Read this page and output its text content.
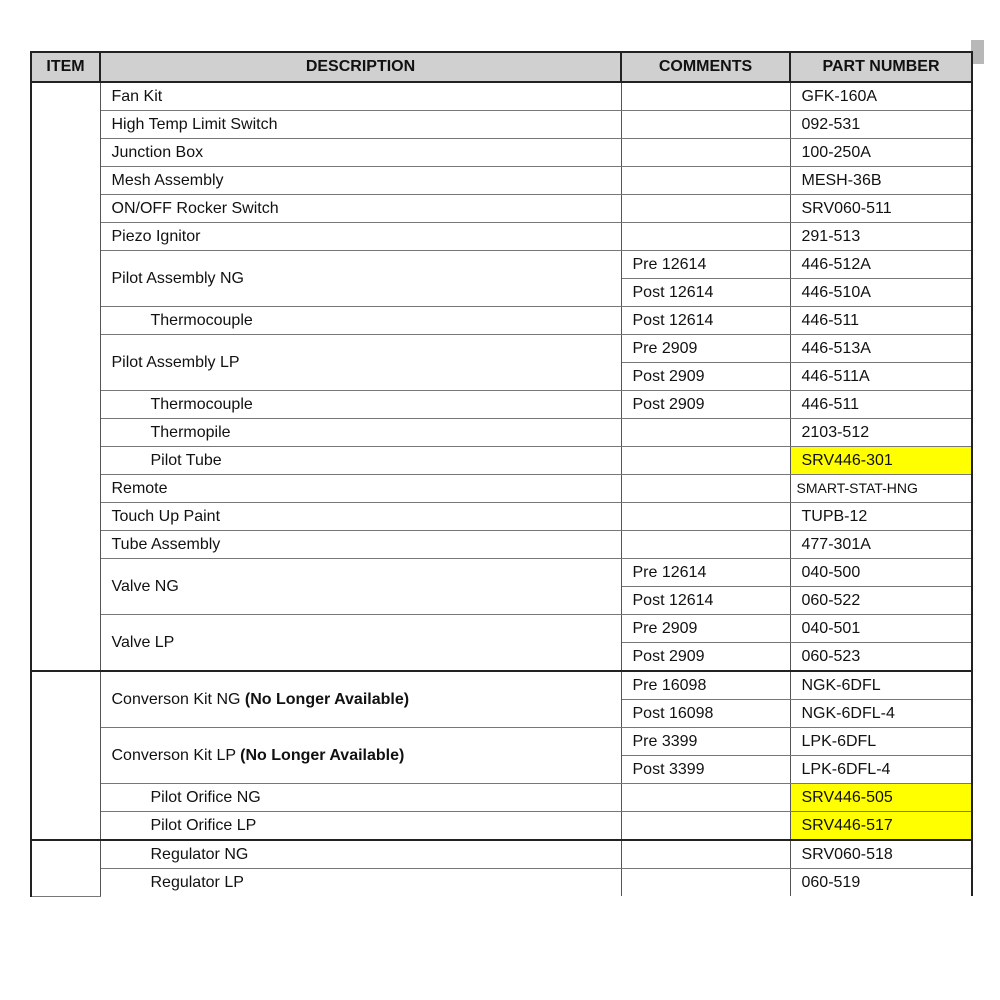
ITEM	DESCRIPTION	COMMENTS	PART NUMBER
	Fan Kit		GFK-160A
	High Temp Limit Switch		092-531
	Junction Box		100-250A
	Mesh Assembly		MESH-36B
	ON/OFF Rocker Switch		SRV060-511
	Piezo Ignitor		291-513
	Pilot Assembly NG	Pre 12614	446-512A
		Post 12614	446-510A
	Thermocouple	Post 12614	446-511
	Pilot Assembly LP	Pre 2909	446-513A
		Post 2909	446-511A
	Thermocouple	Post 2909	446-511
	Thermopile		2103-512
	Pilot Tube		SRV446-301
	Remote		SMART-STAT-HNG
	Touch Up Paint		TUPB-12
	Tube Assembly		477-301A
	Valve NG	Pre 12614	040-500
		Post 12614	060-522
	Valve LP	Pre 2909	040-501
		Post 2909	060-523
	Converson Kit NG (No Longer Available)	Pre 16098	NGK-6DFL
		Post 16098	NGK-6DFL-4
	Converson Kit LP (No Longer Available)	Pre 3399	LPK-6DFL
		Post 3399	LPK-6DFL-4
	Pilot Orifice NG		SRV446-505
	Pilot Orifice LP		SRV446-517
	Regulator NG		SRV060-518
	Regulator LP		060-519
